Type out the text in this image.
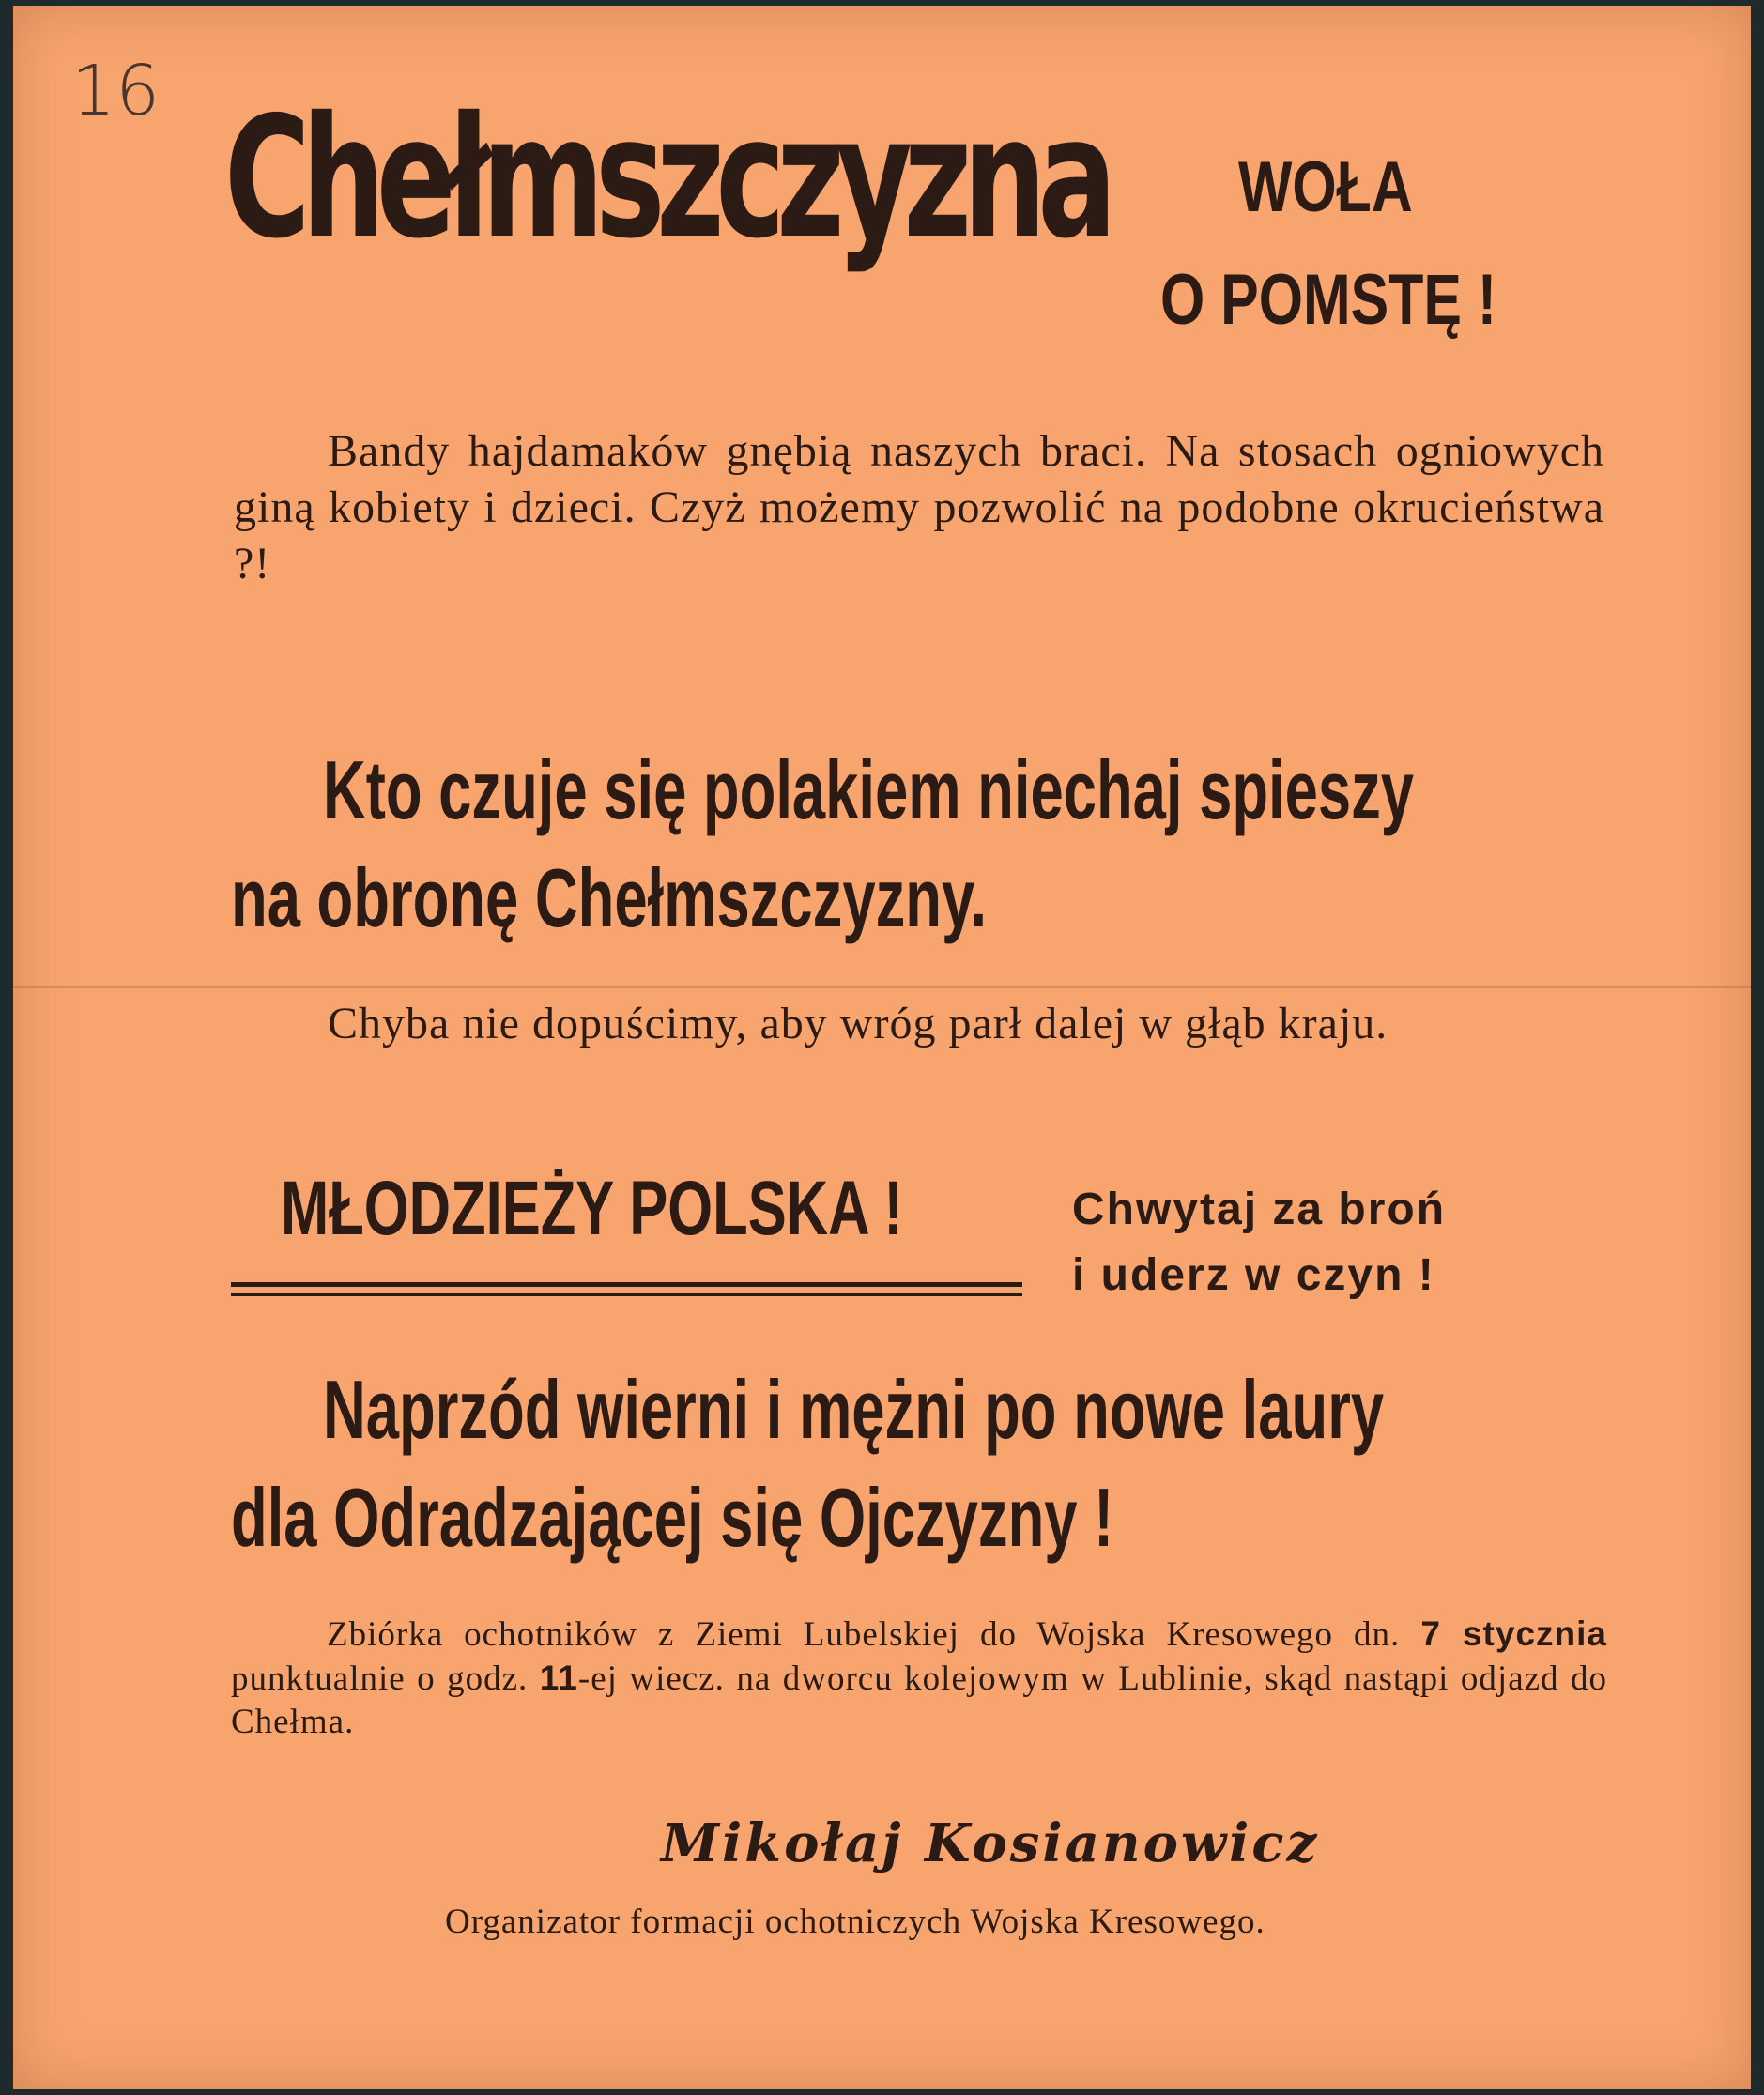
16 Chełmszczyzna WOŁA
O POMSTĘ !
Bandy hajdamaków gnębią naszych braci. Na stosach ogniowych giną kobiety i dzieci. Czyż możemy pozwolić na podobne okrucieństwa ?!
Kto czuje się polakiem niechaj spieszy
na obronę Chełmszczyzny.
Chyba nie dopuścimy, aby wróg parł dalej w głąb kraju.
MŁODZIEŻY POLSKA !	Chwytaj za broń
i uderz w czyn !
Naprzód wierni i mężni po nowe laury
dla Odradzającej się Ojczyzny !
Zbiórka ochotników z Ziemi Lubelskiej do Wojska Kresowego dn. 7 stycznia punktualnie o godz. 11-ej wiecz. na dworcu kolejowym w Lublinie, skąd nastąpi odjazd do Chełma.
Mikołaj Kosianowicz
Organizator formacji ochotniczych Wojska Kresowego.
